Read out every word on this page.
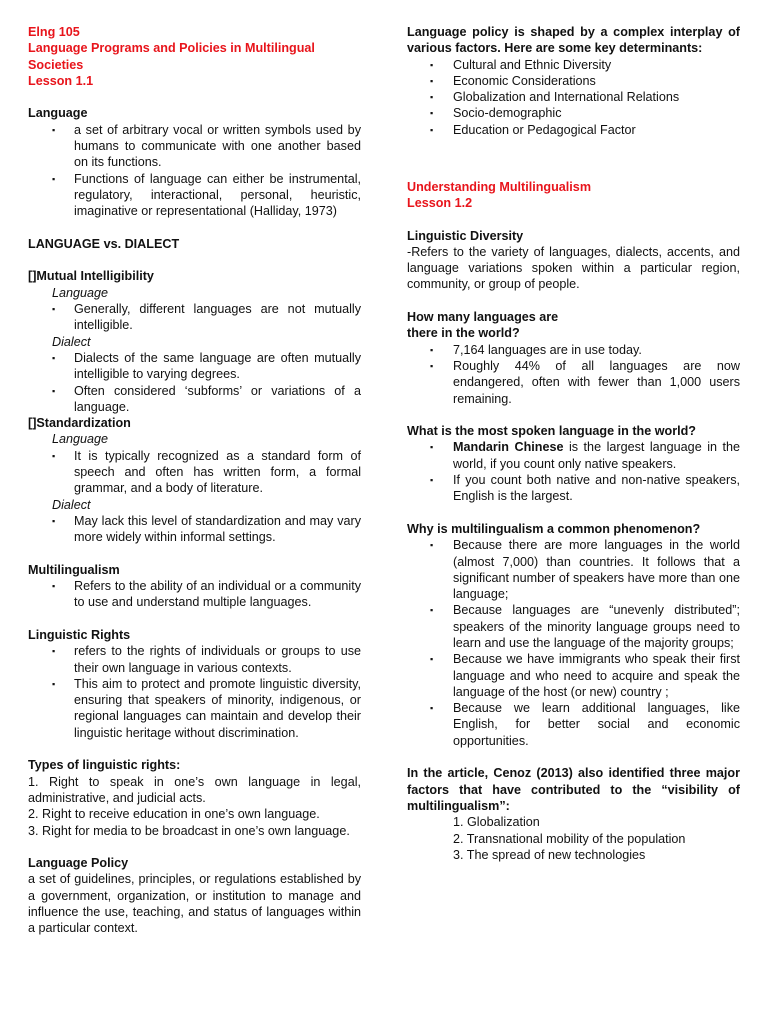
Elng 105
Language Programs and Policies in Multilingual Societies
Lesson 1.1
Language
▪ a set of arbitrary vocal or written symbols used by humans to communicate with one another based on its functions.
▪ Functions of language can either be instrumental, regulatory, interactional, personal, heuristic, imaginative or representational (Halliday, 1973)
LANGUAGE vs. DIALECT
[]Mutual Intelligibility
Language
▪ Generally, different languages are not mutually intelligible.
Dialect
▪ Dialects of the same language are often mutually intelligible to varying degrees.
▪ Often considered ‘subforms’ or variations of a language.
[]Standardization
Language
▪ It is typically recognized as a standard form of speech and often has written form, a formal grammar, and a body of literature.
Dialect
▪ May lack this level of standardization and may vary more widely within informal settings.
Multilingualism
▪ Refers to the ability of an individual or a community to use and understand multiple languages.
Linguistic Rights
▪ refers to the rights of individuals or groups to use their own language in various contexts.
▪ This aim to protect and promote linguistic diversity, ensuring that speakers of minority, indigenous, or regional languages can maintain and develop their linguistic heritage without discrimination.
Types of linguistic rights:
1. Right to speak in one’s own language in legal, administrative, and judicial acts.
2. Right to receive education in one’s own language.
3. Right for media to be broadcast in one’s own language.
Language Policy
a set of guidelines, principles, or regulations established by a government, organization, or institution to manage and influence the use, teaching, and status of languages within a particular context.
Language policy is shaped by a complex interplay of various factors. Here are some key determinants:
▪ Cultural and Ethnic Diversity
▪ Economic Considerations
▪ Globalization and International Relations
▪ Socio-demographic
▪ Education or Pedagogical Factor
Understanding Multilingualism
Lesson 1.2
Linguistic Diversity
-Refers to the variety of languages, dialects, accents, and language variations spoken within a particular region, community, or group of people.
How many languages are
there in the world?
▪ 7,164 languages are in use today.
▪ Roughly 44% of all languages are now endangered, often with fewer than 1,000 users remaining.
What is the most spoken language in the world?
▪ Mandarin Chinese is the largest language in the world, if you count only native speakers.
▪ If you count both native and non-native speakers, English is the largest.
Why is multilingualism a common phenomenon?
▪ Because there are more languages in the world (almost 7,000) than countries. It follows that a significant number of speakers have more than one language;
▪ Because languages are “unevenly distributed”; speakers of the minority language groups need to learn and use the language of the majority groups;
▪ Because we have immigrants who speak their first language and who need to acquire and speak the language of the host (or new) country ;
▪ Because we learn additional languages, like English, for better social and economic opportunities.
In the article, Cenoz (2013) also identified three major factors that have contributed to the “visibility of multilingualism”:
1. Globalization
2. Transnational mobility of the population
3. The spread of new technologies
